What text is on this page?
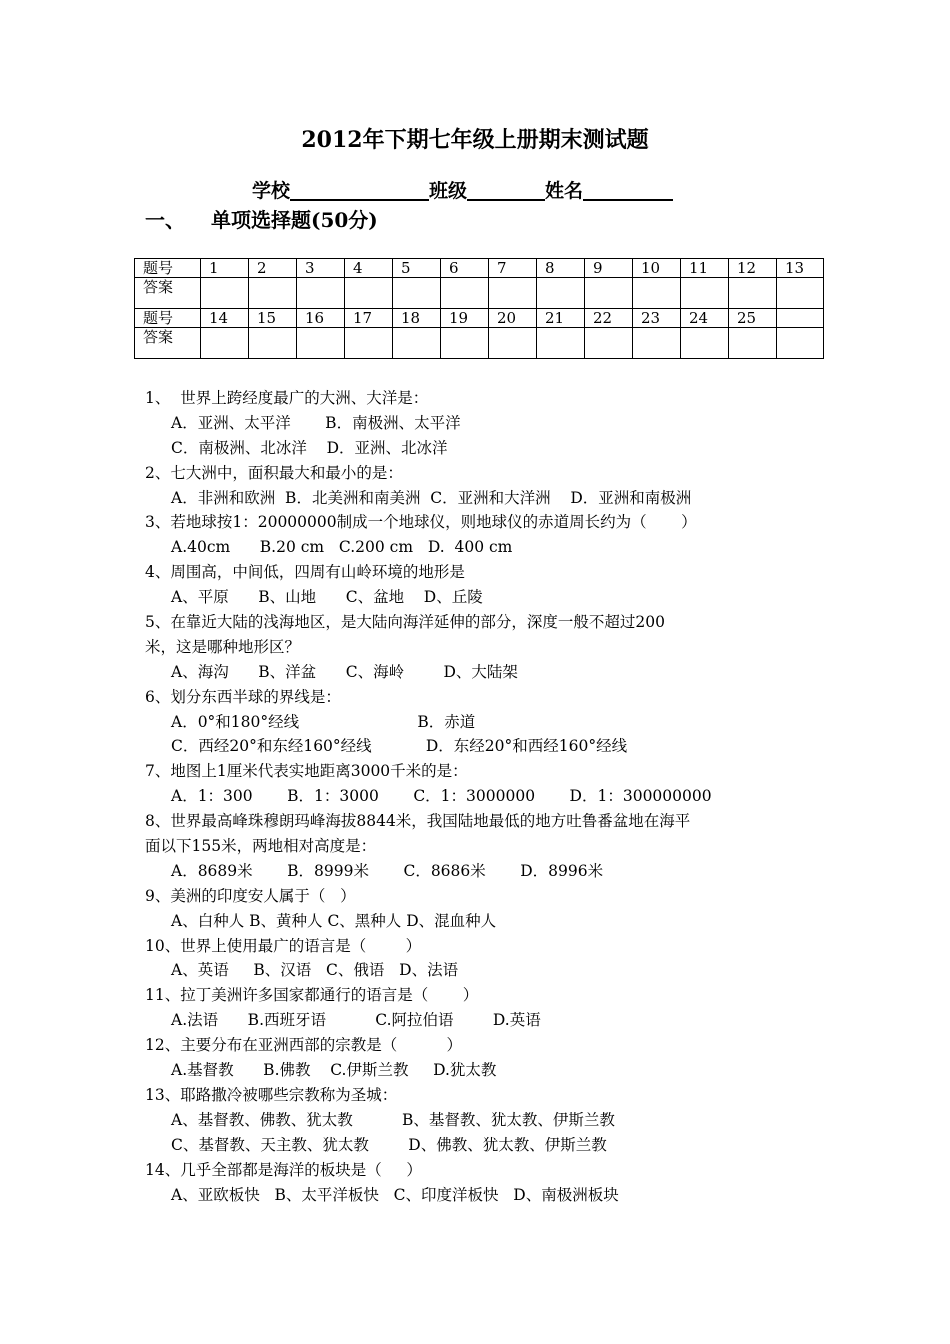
2012年下期七年级上册期末测试题
学校	班级	姓名
一、 单项选择题(50分)
题号	1	2	3	4	5	6	7	8	9	10	11	12	13
答案													
题号	14	15	16	17	18	19	20	21	22	23	24	25	
答案													
1、  世界上跨经度最广的大洲、大洋是：
A．亚洲、太平洋       B．南极洲、太平洋
C．南极洲、北冰洋    D．亚洲、北冰洋
2、七大洲中，面积最大和最小的是：
A．非洲和欧洲  B．北美洲和南美洲  C．亚洲和大洋洲    D．亚洲和南极洲
3、若地球按1：20000000制成一个地球仪，则地球仪的赤道周长约为（       ）
A.40cm      B.20 cm   C.200 cm   D.  400 cm
4、周围高，中间低，四周有山岭环境的地形是
A、平原      B、山地      C、盆地    D、丘陵
5、在靠近大陆的浅海地区，是大陆向海洋延伸的部分，深度一般不超过200
米，这是哪种地形区？
A、海沟      B、洋盆      C、海岭        D、大陆架
6、划分东西半球的界线是：
A．0°和180°经线                        B．赤道
C．西经20°和东经160°经线           D．东经20°和西经160°经线
7、地图上1厘米代表实地距离3000千米的是：
A．1：300       B．1：3000       C．1：3000000       D．1：300000000
8、世界最高峰珠穆朗玛峰海拔8844米，我国陆地最低的地方吐鲁番盆地在海平
面以下155米，两地相对高度是：
A．8689米       B．8999米       C．8686米       D．8996米
9、美洲的印度安人属于（   ）
A、白种人 B、黄种人 C、黑种人 D、混血种人
10、世界上使用最广的语言是（        ）
A、英语     B、汉语   C、俄语   D、法语
11、拉丁美洲许多国家都通行的语言是（       ）
A.法语      B.西班牙语          C.阿拉伯语        D.英语
12、主要分布在亚洲西部的宗教是（          ）
A.基督教      B.佛教    C.伊斯兰教     D.犹太教
13、耶路撒冷被哪些宗教称为圣城：
A、基督教、佛教、犹太教          B、基督教、犹太教、伊斯兰教
C、基督教、天主教、犹太教        D、佛教、犹太教、伊斯兰教
14、几乎全部都是海洋的板块是（     ）
A、亚欧板快   B、太平洋板快   C、印度洋板快   D、南极洲板块
